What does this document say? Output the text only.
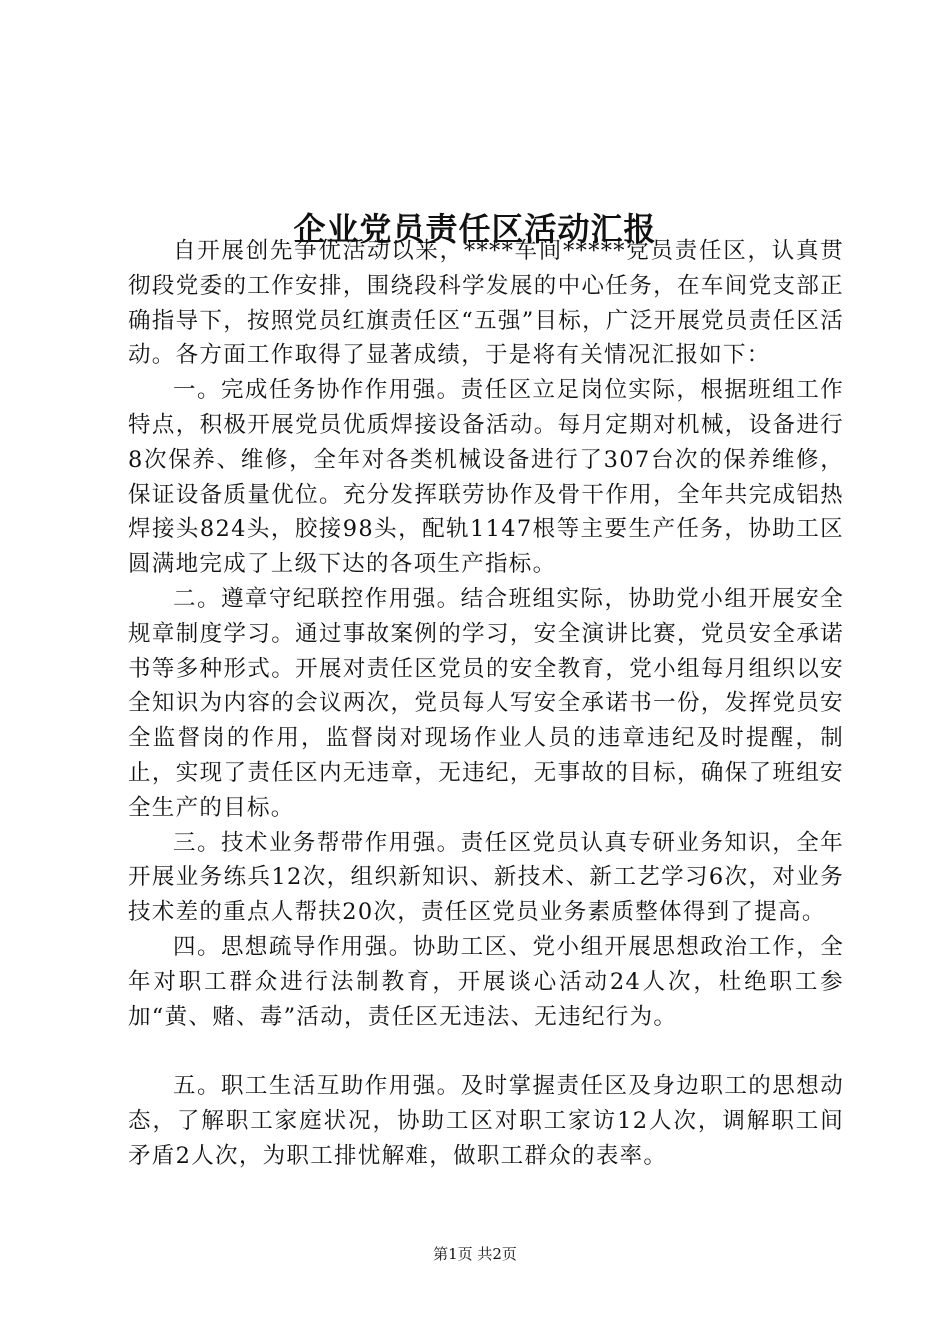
企业党员责任区活动汇报

自开展创先争优活动以来，****车间*****党员责任区，认真贯彻段党委的工作安排，围绕段科学发展的中心任务，在车间党支部正确指导下，按照党员红旗责任区“五强”目标，广泛开展党员责任区活动。各方面工作取得了显著成绩，于是将有关情况汇报如下：

一。完成任务协作作用强。责任区立足岗位实际，根据班组工作特点，积极开展党员优质焊接设备活动。每月定期对机械，设备进行8次保养、维修，全年对各类机械设备进行了307台次的保养维修，保证设备质量优位。充分发挥联劳协作及骨干作用，全年共完成铝热焊接头824头，胶接98头，配轨1147根等主要生产任务，协助工区圆满地完成了上级下达的各项生产指标。

二。遵章守纪联控作用强。结合班组实际，协助党小组开展安全规章制度学习。通过事故案例的学习，安全演讲比赛，党员安全承诺书等多种形式。开展对责任区党员的安全教育，党小组每月组织以安全知识为内容的会议两次，党员每人写安全承诺书一份，发挥党员安全监督岗的作用，监督岗对现场作业人员的违章违纪及时提醒，制止，实现了责任区内无违章，无违纪，无事故的目标，确保了班组安全生产的目标。

三。技术业务帮带作用强。责任区党员认真专研业务知识，全年开展业务练兵12次，组织新知识、新技术、新工艺学习6次，对业务技术差的重点人帮扶20次，责任区党员业务素质整体得到了提高。

四。思想疏导作用强。协助工区、党小组开展思想政治工作，全年对职工群众进行法制教育，开展谈心活动24人次，杜绝职工参加“黄、赌、毒”活动，责任区无违法、无违纪行为。

五。职工生活互助作用强。及时掌握责任区及身边职工的思想动态，了解职工家庭状况，协助工区对职工家访12人次，调解职工间矛盾2人次，为职工排忧解难，做职工群众的表率。

第1页 共2页
